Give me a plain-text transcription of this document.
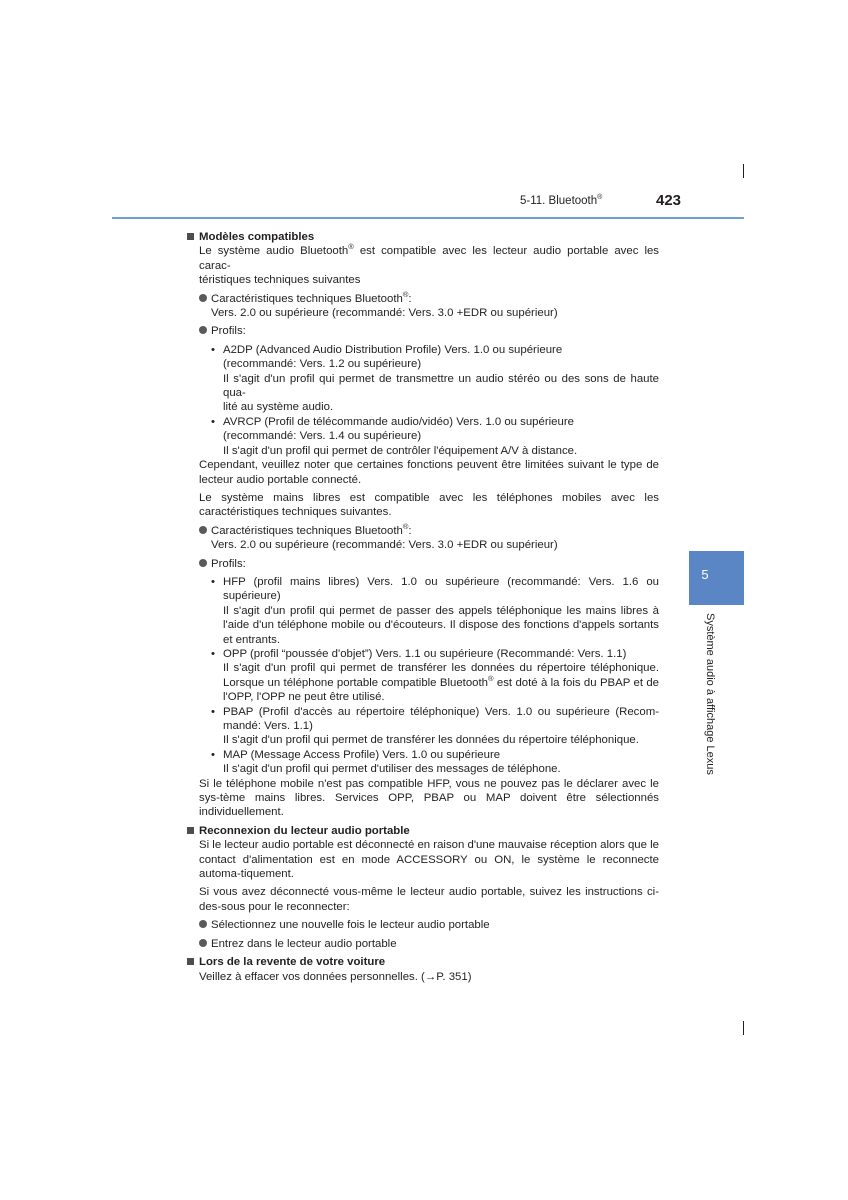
5-11. Bluetooth®	423
5
Système audio à affichage Lexus
Modèles compatibles
Le système audio Bluetooth® est compatible avec les lecteur audio portable avec les carac-
téristiques techniques suivantes
Caractéristiques techniques Bluetooth®:
Vers. 2.0 ou supérieure (recommandé: Vers. 3.0 +EDR ou supérieur)
Profils:
• A2DP (Advanced Audio Distribution Profile) Vers. 1.0 ou supérieure
(recommandé: Vers. 1.2 ou supérieure)
Il s'agit d'un profil qui permet de transmettre un audio stéréo ou des sons de haute qua-
lité au système audio.
• AVRCP (Profil de télécommande audio/vidéo) Vers. 1.0 ou supérieure
(recommandé: Vers. 1.4 ou supérieure)
Il s'agit d'un profil qui permet de contrôler l'équipement A/V à distance.
Cependant, veuillez noter que certaines fonctions peuvent être limitées suivant le type de lecteur audio portable connecté.
Le système mains libres est compatible avec les téléphones mobiles avec les caractéristiques techniques suivantes.
Caractéristiques techniques Bluetooth®:
Vers. 2.0 ou supérieure (recommandé: Vers. 3.0 +EDR ou supérieur)
Profils:
• HFP (profil mains libres) Vers. 1.0 ou supérieure (recommandé: Vers. 1.6 ou supérieure)
Il s'agit d'un profil qui permet de passer des appels téléphonique les mains libres à l'aide d'un téléphone mobile ou d'écouteurs. Il dispose des fonctions d'appels sortants et entrants.
• OPP (profil “poussée d'objet”) Vers. 1.1 ou supérieure (Recommandé: Vers. 1.1)
Il s'agit d'un profil qui permet de transférer les données du répertoire téléphonique. Lorsque un téléphone portable compatible Bluetooth® est doté à la fois du PBAP et de l'OPP, l'OPP ne peut être utilisé.
• PBAP (Profil d'accès au répertoire téléphonique) Vers. 1.0 ou supérieure (Recom-mandé: Vers. 1.1)
Il s'agit d'un profil qui permet de transférer les données du répertoire téléphonique.
• MAP (Message Access Profile) Vers. 1.0 ou supérieure
Il s'agit d'un profil qui permet d'utiliser des messages de téléphone.
Si le téléphone mobile n'est pas compatible HFP, vous ne pouvez pas le déclarer avec le sys-tème mains libres. Services OPP, PBAP ou MAP doivent être sélectionnés individuellement.
Reconnexion du lecteur audio portable
Si le lecteur audio portable est déconnecté en raison d'une mauvaise réception alors que le contact d'alimentation est en mode ACCESSORY ou ON, le système le reconnecte automa-tiquement.
Si vous avez déconnecté vous-même le lecteur audio portable, suivez les instructions ci-des-sous pour le reconnecter:
Sélectionnez une nouvelle fois le lecteur audio portable
Entrez dans le lecteur audio portable
Lors de la revente de votre voiture
Veillez à effacer vos données personnelles. (→P. 351)
